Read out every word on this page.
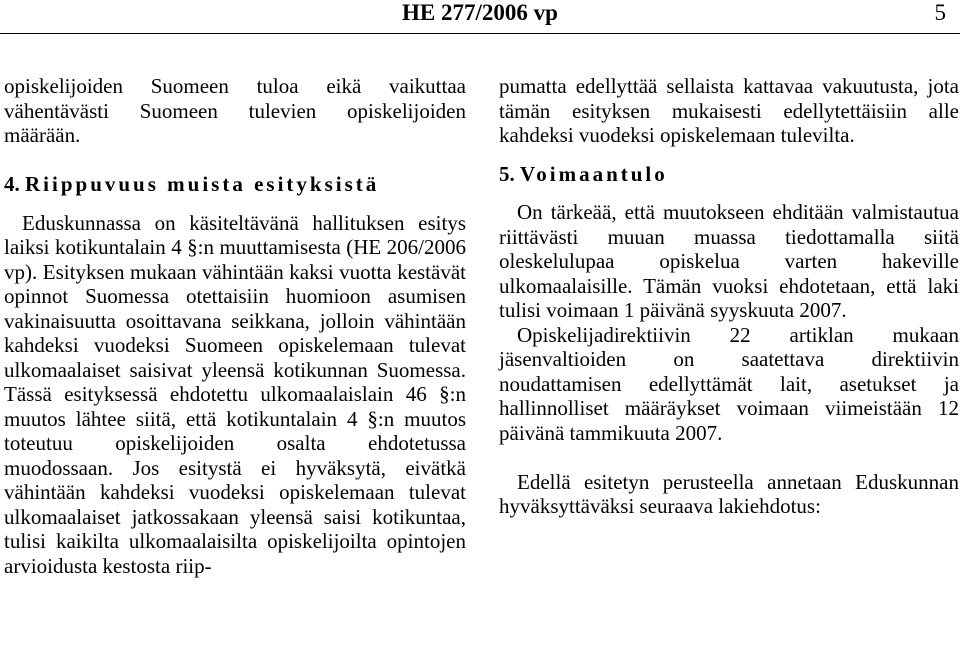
HE 277/2006 vp	5

opiskelijoiden Suomeen tuloa eikä vaikuttaa vähentävästi Suomeen tulevien opiskelijoiden määrään.

4. Riippuvuus muista esityksistä

Eduskunnassa on käsiteltävänä hallituksen esitys laiksi kotikuntalain 4 §:n muuttamisesta (HE 206/2006 vp). Esityksen mukaan vähintään kaksi vuotta kestävät opinnot Suomessa otettaisiin huomioon asumisen vakinaisuutta osoittavana seikkana, jolloin vähintään kahdeksi vuodeksi Suomeen opiskelemaan tulevat ulkomaalaiset saisivat yleensä kotikunnan Suomessa. Tässä esityksessä ehdotettu ulkomaalaislain 46 §:n muutos lähtee siitä, että kotikuntalain 4 §:n muutos toteutuu opiskelijoiden osalta ehdotetussa muodossaan. Jos esitystä ei hyväksytä, eivätkä vähintään kahdeksi vuodeksi opiskelemaan tulevat ulkomaalaiset jatkossakaan yleensä saisi kotikuntaa, tulisi kaikilta ulkomaalaisilta opiskelijoilta opintojen arvioidusta kestosta riip-

pumatta edellyttää sellaista kattavaa vakuutusta, jota tämän esityksen mukaisesti edellytettäisiin alle kahdeksi vuodeksi opiskelemaan tulevilta.

5. Voimaantulo

On tärkeää, että muutokseen ehditään valmistautua riittävästi muuan muassa tiedottamalla siitä oleskelulupaa opiskelua varten hakeville ulkomaalaisille. Tämän vuoksi ehdotetaan, että laki tulisi voimaan 1 päivänä syyskuuta 2007.

Opiskelijadirektiivin 22 artiklan mukaan jäsenvaltioiden on saatettava direktiivin noudattamisen edellyttämät lait, asetukset ja hallinnolliset määräykset voimaan viimeistään 12 päivänä tammikuuta 2007.

Edellä esitetyn perusteella annetaan Eduskunnan hyväksyttäväksi seuraava lakiehdotus:
